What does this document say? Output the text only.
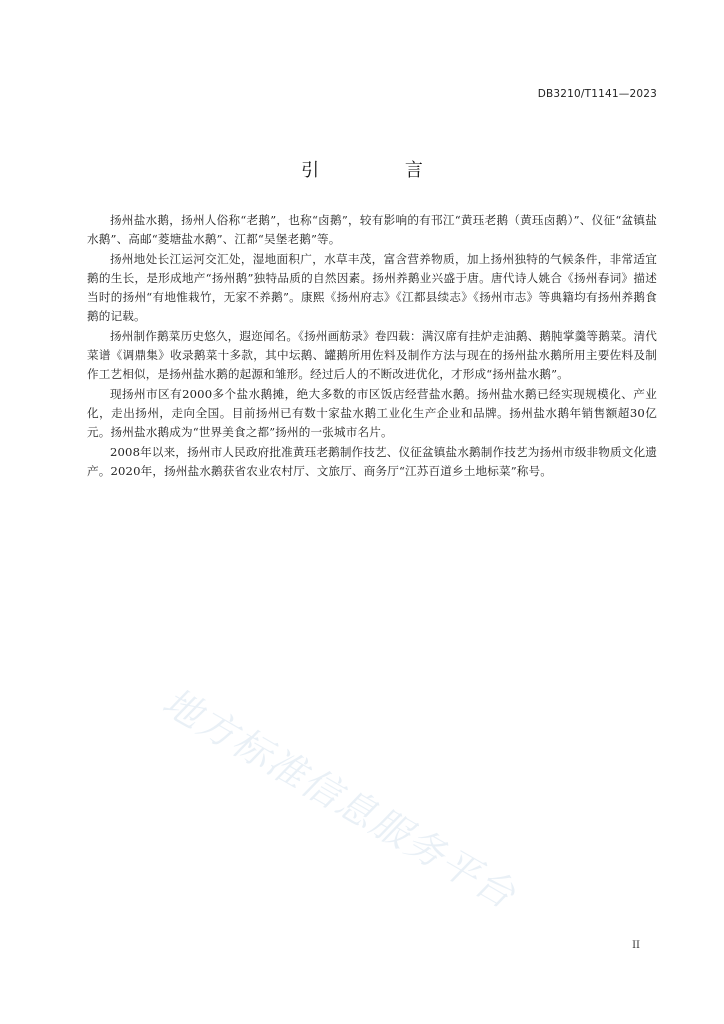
DB3210/T1141—2023
引 言

扬州盐水鹅，扬州人俗称“老鹅”，也称“卤鹅”，较有影响的有邗江“黄珏老鹅（黄珏卤鹅）”、仪征“盆镇盐水鹅”、高邮“菱塘盐水鹅”、江都“吴堡老鹅”等。

扬州地处长江运河交汇处，湿地面积广，水草丰茂，富含营养物质，加上扬州独特的气候条件，非常适宜鹅的生长，是形成地产“扬州鹅”独特品质的自然因素。扬州养鹅业兴盛于唐。唐代诗人姚合《扬州春词》描述当时的扬州“有地惟栽竹，无家不养鹅”。康熙《扬州府志》《江都县续志》《扬州市志》等典籍均有扬州养鹅食鹅的记载。

扬州制作鹅菜历史悠久，遐迩闻名。《扬州画舫录》卷四载：满汉席有挂炉走油鹅、鹅肫掌羹等鹅菜。清代菜谱《调鼎集》收录鹅菜十多款，其中坛鹅、罐鹅所用佐料及制作方法与现在的扬州盐水鹅所用主要佐料及制作工艺相似，是扬州盐水鹅的起源和雏形。经过后人的不断改进优化，才形成“扬州盐水鹅”。

现扬州市区有2000多个盐水鹅摊，绝大多数的市区饭店经营盐水鹅。扬州盐水鹅已经实现规模化、产业化，走出扬州，走向全国。目前扬州已有数十家盐水鹅工业化生产企业和品牌。扬州盐水鹅年销售额超30亿元。扬州盐水鹅成为“世界美食之都”扬州的一张城市名片。

2008年以来，扬州市人民政府批准黄珏老鹅制作技艺、仪征盆镇盐水鹅制作技艺为扬州市级非物质文化遗产。2020年，扬州盐水鹅获省农业农村厅、文旅厅、商务厅“江苏百道乡土地标菜”称号。

地方标准信息服务平台
II
